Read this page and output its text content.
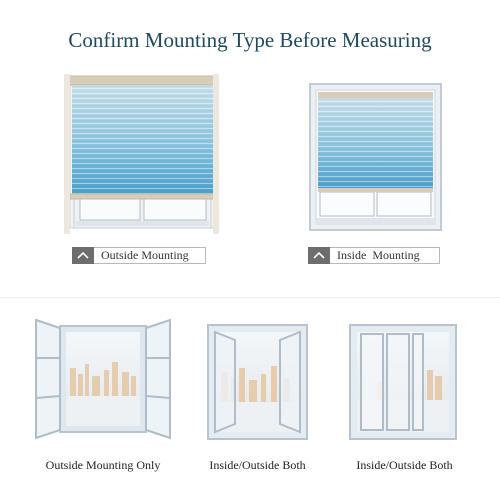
Confirm Mounting Type Before Measuring
Outside Mounting	Inside  Mounting
Outside Mounting Only	Inside/Outside Both	Inside/Outside Both
